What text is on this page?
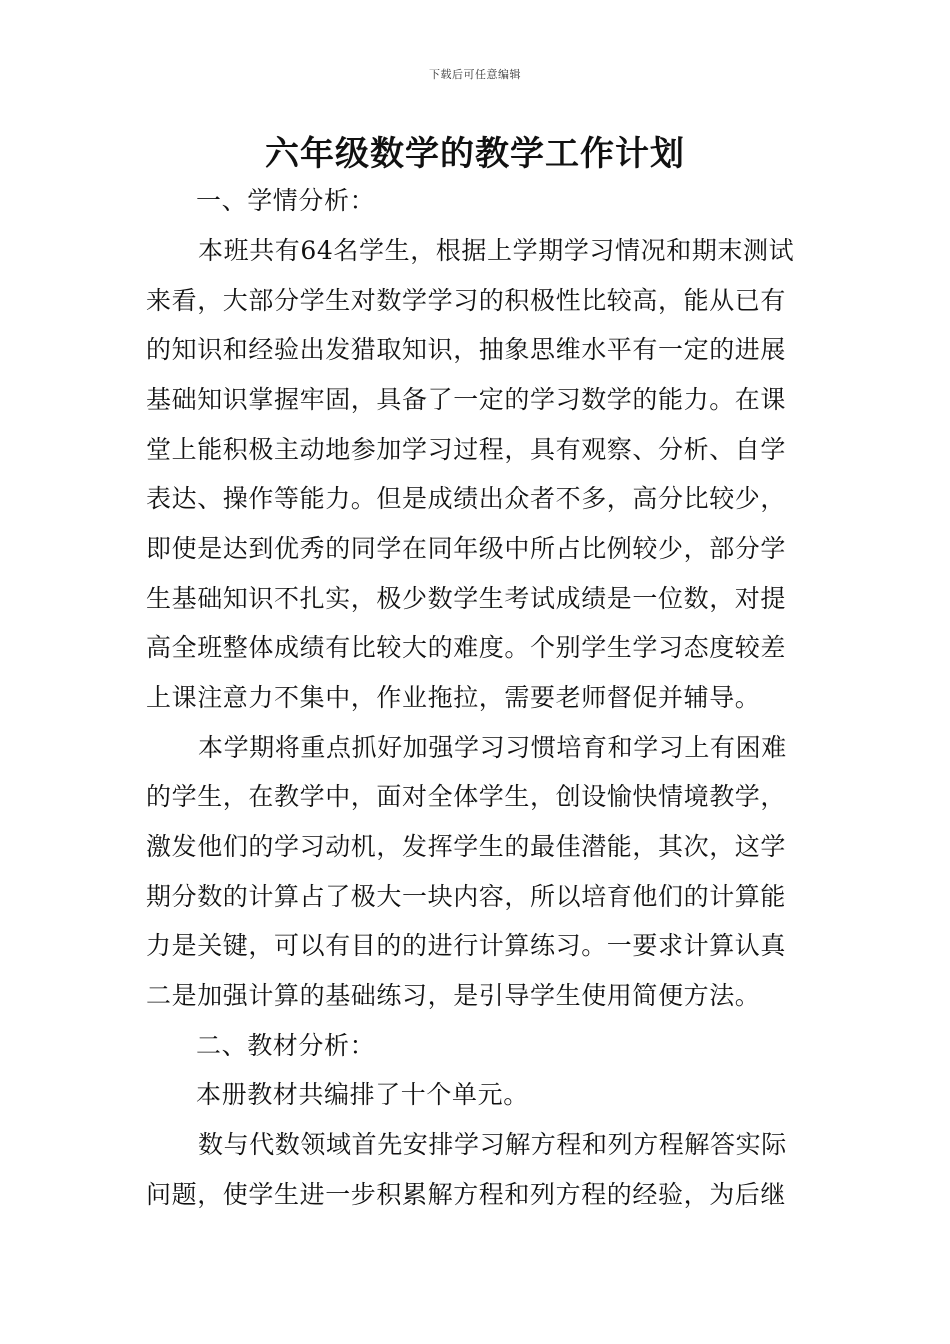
下载后可任意编辑
六年级数学的教学工作计划

一、学情分析：

本班共有64名学生，根据上学期学习情况和期末测试

来看，大部分学生对数学学习的积极性比较高，能从已有

的知识和经验出发猎取知识，抽象思维水平有一定的进展

基础知识掌握牢固，具备了一定的学习数学的能力。在课

堂上能积极主动地参加学习过程，具有观察、分析、自学

表达、操作等能力。但是成绩出众者不多，高分比较少，

即使是达到优秀的同学在同年级中所占比例较少，部分学

生基础知识不扎实，极少数学生考试成绩是一位数，对提

高全班整体成绩有比较大的难度。个别学生学习态度较差

上课注意力不集中，作业拖拉，需要老师督促并辅导。

本学期将重点抓好加强学习习惯培育和学习上有困难

的学生，在教学中，面对全体学生，创设愉快情境教学，

激发他们的学习动机，发挥学生的最佳潜能，其次，这学

期分数的计算占了极大一块内容，所以培育他们的计算能

力是关键，可以有目的的进行计算练习。一要求计算认真

二是加强计算的基础练习，是引导学生使用简便方法。

二、教材分析：

本册教材共编排了十个单元。

数与代数领域首先安排学习解方程和列方程解答实际

问题，使学生进一步积累解方程和列方程的经验，为后继
